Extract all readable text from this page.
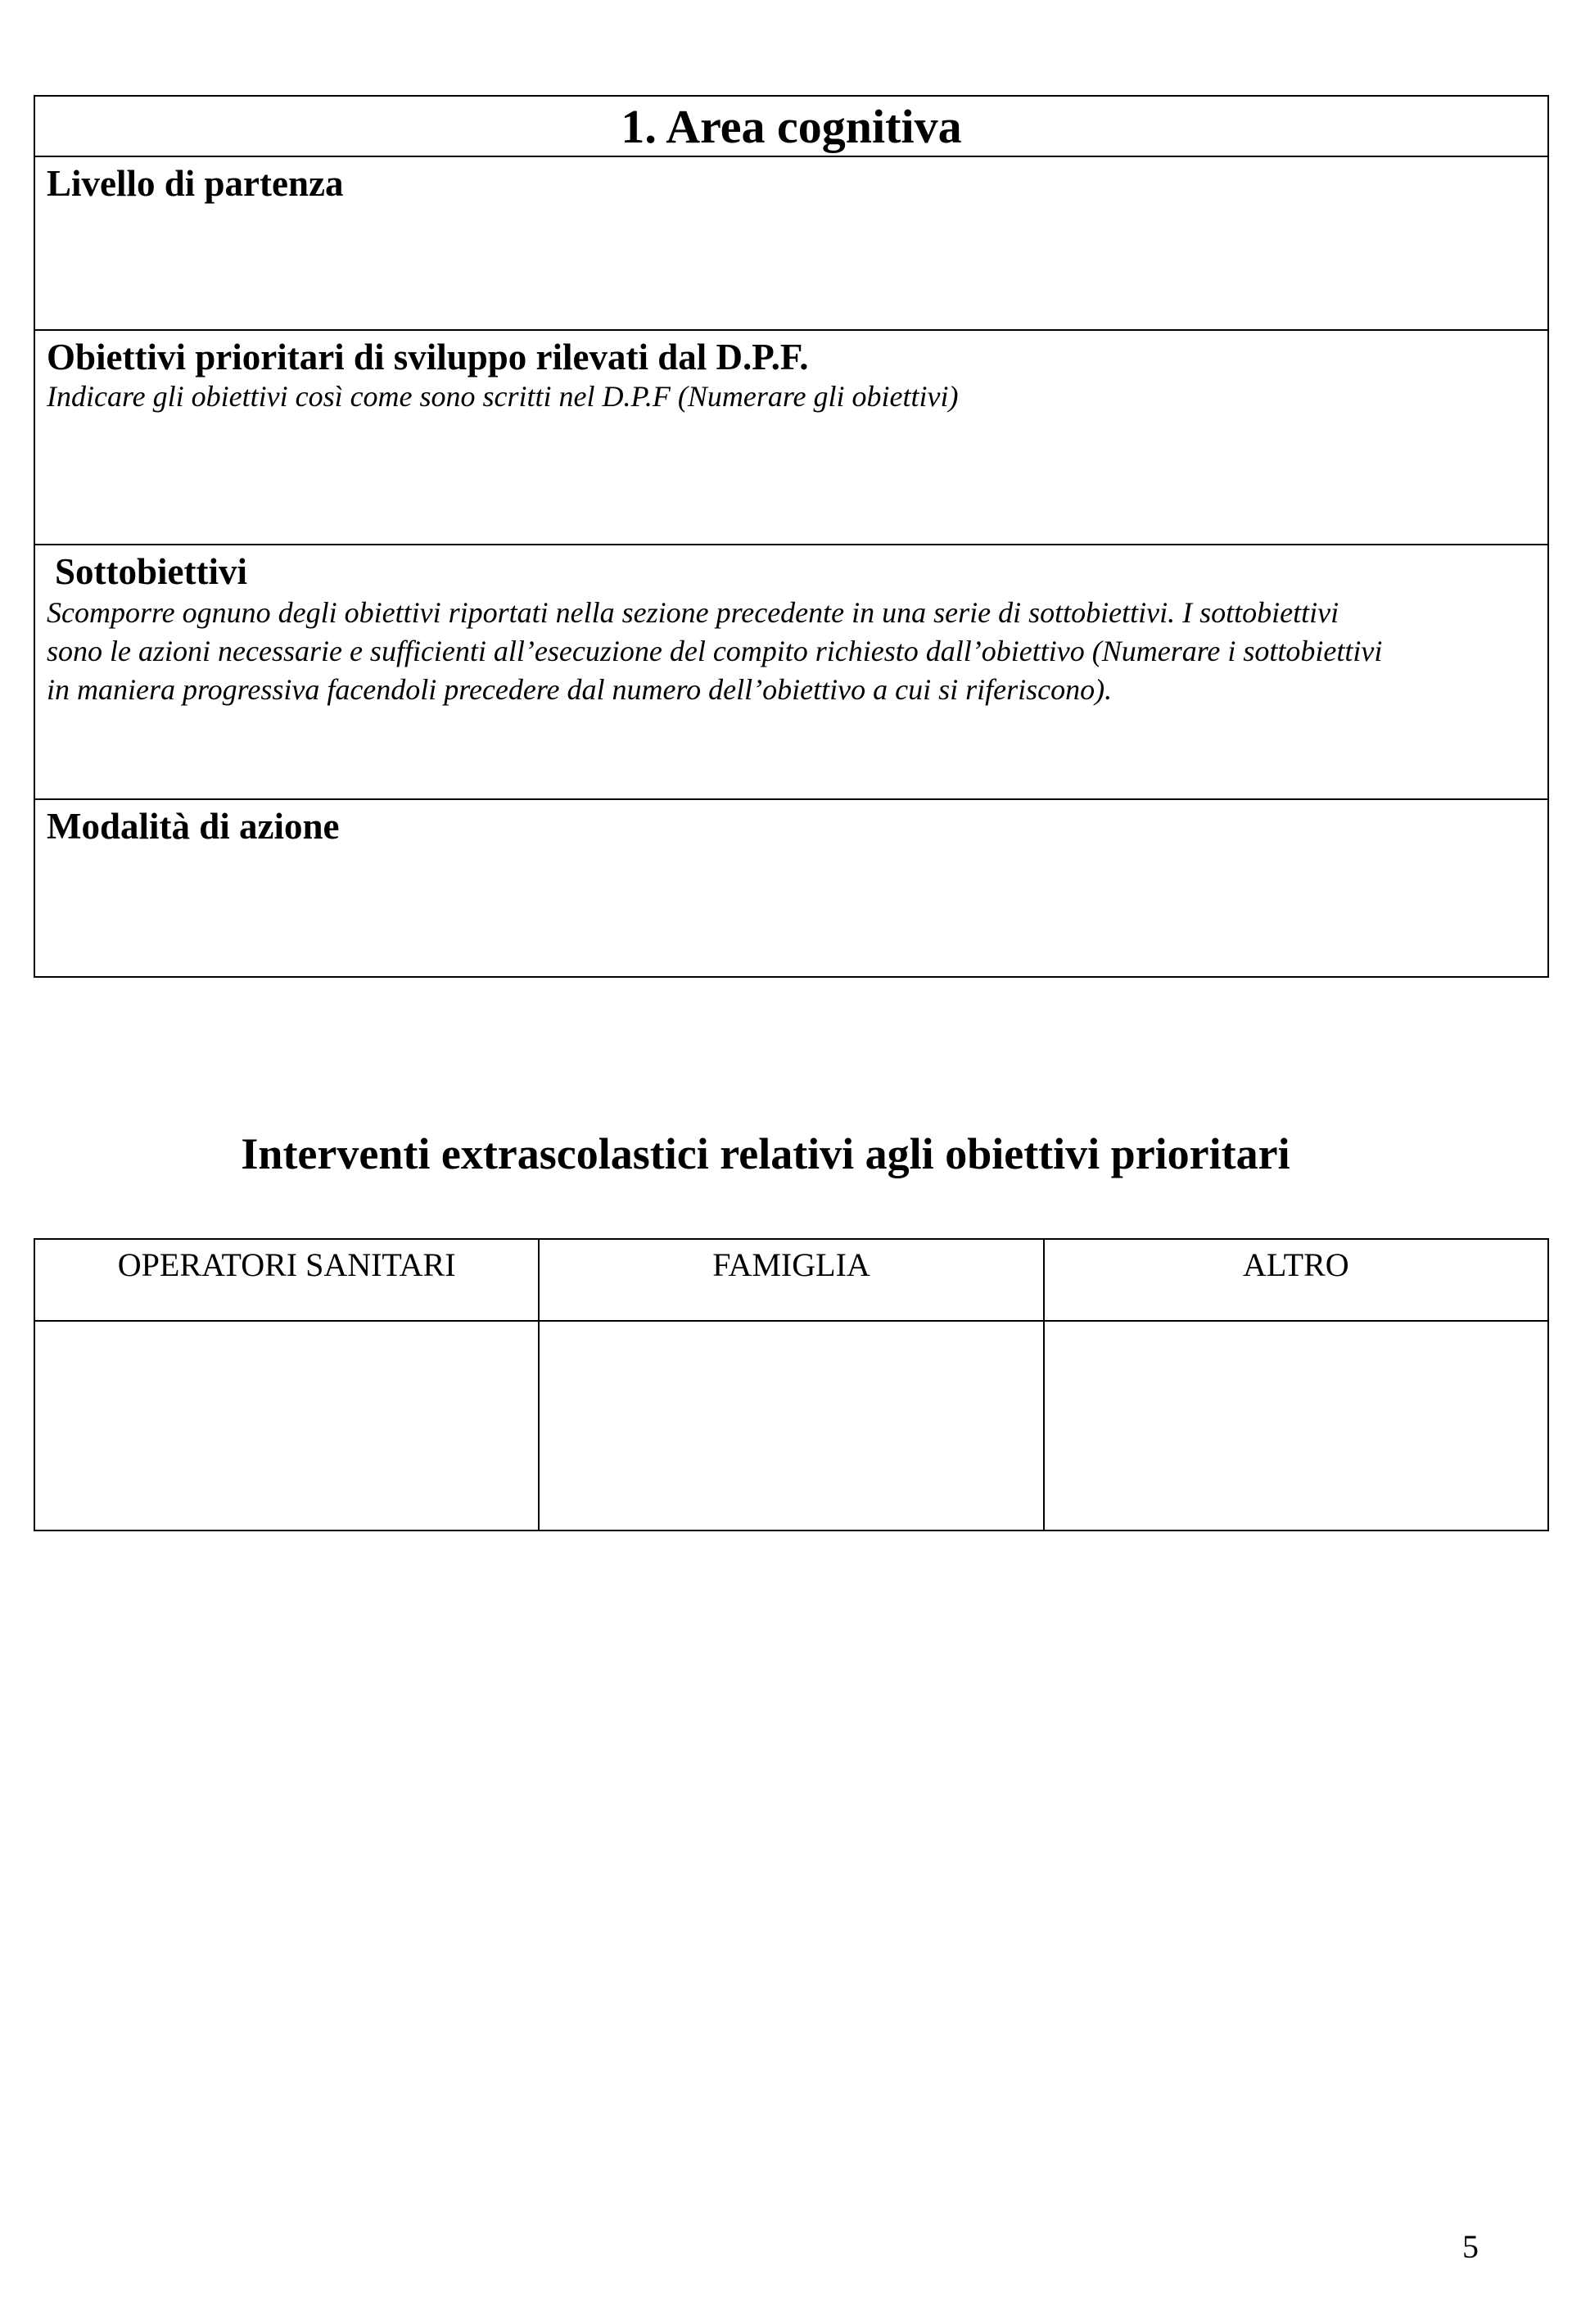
1. Area cognitiva

Livello di partenza

Obiettivi prioritari di sviluppo rilevati dal D.P.F.

Indicare gli obiettivi così come sono scritti nel D.P.F (Numerare gli obiettivi)

Sottobiettivi

Scomporre ognuno degli obiettivi riportati nella sezione precedente in una serie di sottobiettivi. I sottobiettivi

sono le azioni necessarie e sufficienti all’esecuzione del compito richiesto dall’obiettivo (Numerare i sottobiettivi

in maniera progressiva facendoli precedere dal numero dell’obiettivo a cui si riferiscono).

Modalità di azione

Interventi extrascolastici relativi agli obiettivi prioritari
OPERATORI SANITARI	FAMIGLIA	ALTRO
5
